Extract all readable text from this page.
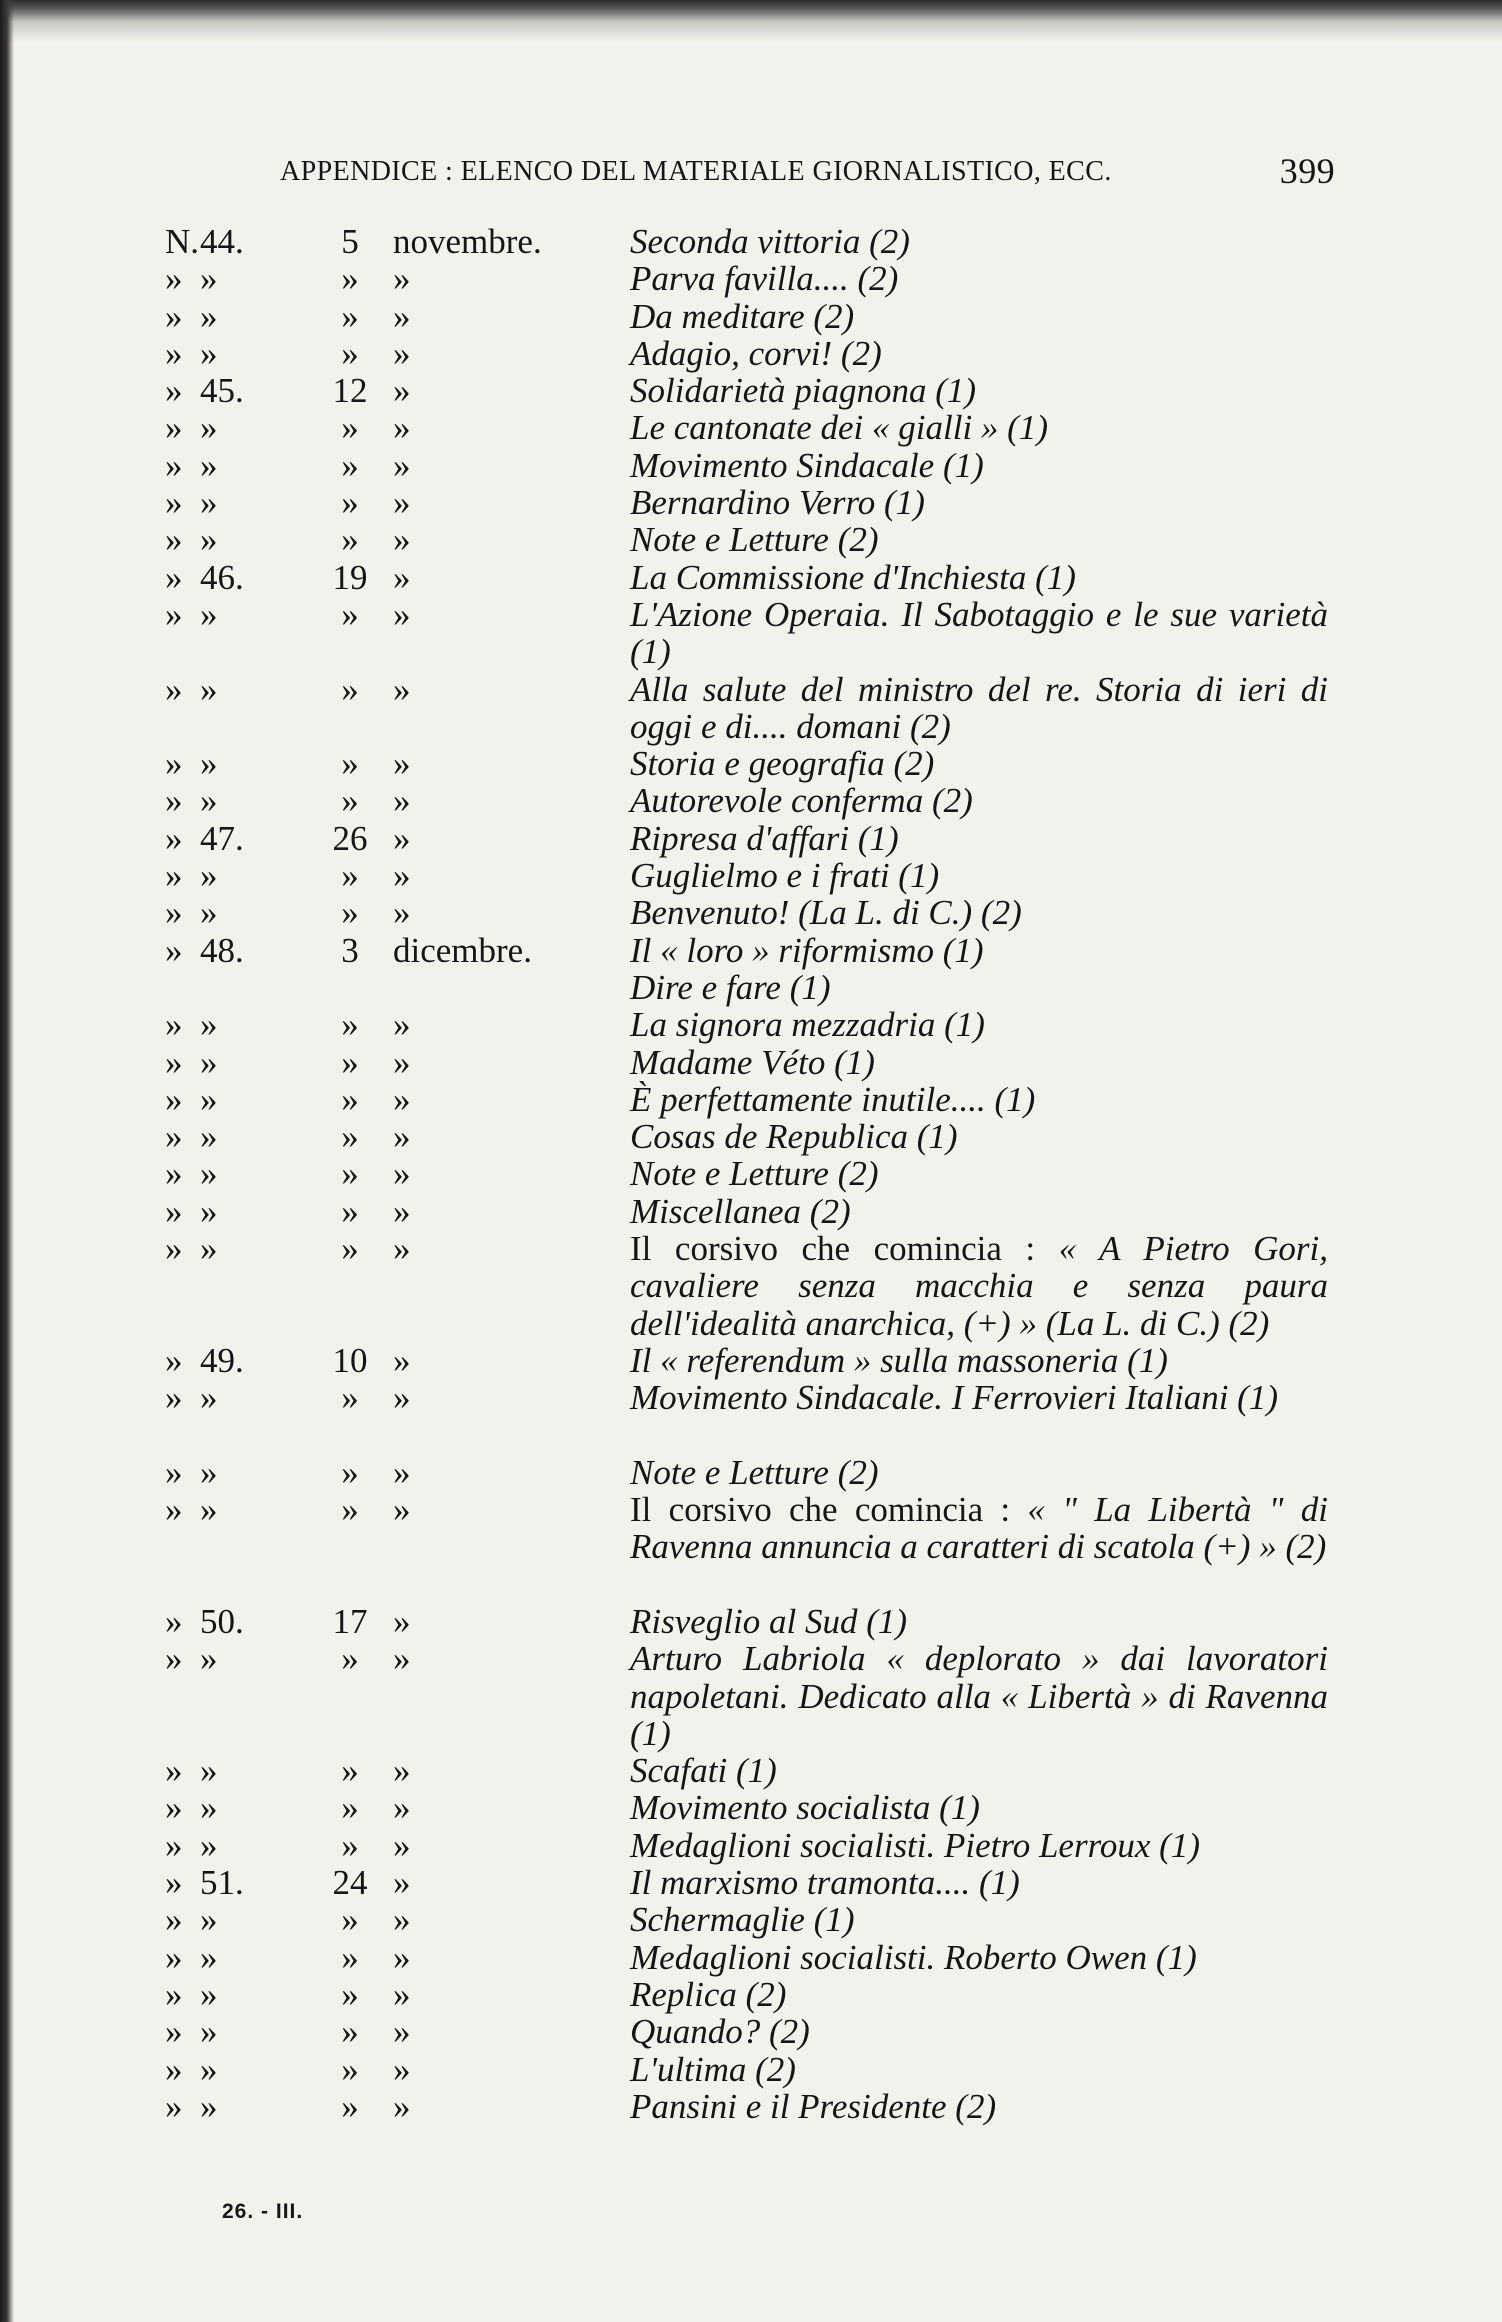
APPENDICE : ELENCO DEL MATERIALE GIORNALISTICO, ECC.	399
N. 44.	5 novembre.	Seconda vittoria (2)
» »	» »	Parva favilla.... (2)
» »	» »	Da meditare (2)
» »	» »	Adagio, corvi! (2)
» 45.	12 »	Solidarietà piagnona (1)
» »	» »	Le cantonate dei « gialli » (1)
» »	» »	Movimento Sindacale (1)
» »	» »	Bernardino Verro (1)
» »	» »	Note e Letture (2)
» 46.	19 »	La Commissione d'Inchiesta (1)
» »	» »	L'Azione Operaia. Il Sabotaggio e le sue varietà (1)
» »	» »	Alla salute del ministro del re. Storia di ieri di oggi e di.... domani (2)
» »	» »	Storia e geografia (2)
» »	» »	Autorevole conferma (2)
» 47.	26 »	Ripresa d'affari (1)
» »	» »	Guglielmo e i frati (1)
» »	» »	Benvenuto! (La L. di C.) (2)
» 48.	3 dicembre.	Il « loro » riformismo (1)
Dire e fare (1)
» »	» »	La signora mezzadria (1)
» »	» »	Madame Véto (1)
» »	» »	È perfettamente inutile.... (1)
» »	» »	Cosas de Republica (1)
» »	» »	Note e Letture (2)
» »	» »	Miscellanea (2)
» »	» »	Il corsivo che comincia : « A Pietro Gori, cavaliere senza macchia e senza paura dell'idealità anarchica, (+) » (La L. di C.) (2)
» 49.	10 »	Il « referendum » sulla massoneria (1)
» »	» »	Movimento Sindacale. I Ferrovieri Italiani (1)
» »	» »	Note e Letture (2)
» »	» »	Il corsivo che comincia : « " La Libertà " di Ravenna annuncia a caratteri di scatola (+) » (2)
» 50.	17 »	Risveglio al Sud (1)
» »	» »	Arturo Labriola « deplorato » dai lavoratori napoletani. Dedicato alla « Libertà » di Ravenna (1)
» »	» »	Scafati (1)
» »	» »	Movimento socialista (1)
» »	» »	Medaglioni socialisti. Pietro Lerroux (1)
» 51.	24 »	Il marxismo tramonta.... (1)
» »	» »	Schermaglie (1)
» »	» »	Medaglioni socialisti. Roberto Owen (1)
» »	» »	Replica (2)
» »	» »	Quando? (2)
» »	» »	L'ultima (2)
» »	» »	Pansini e il Presidente (2)
26. - III.
